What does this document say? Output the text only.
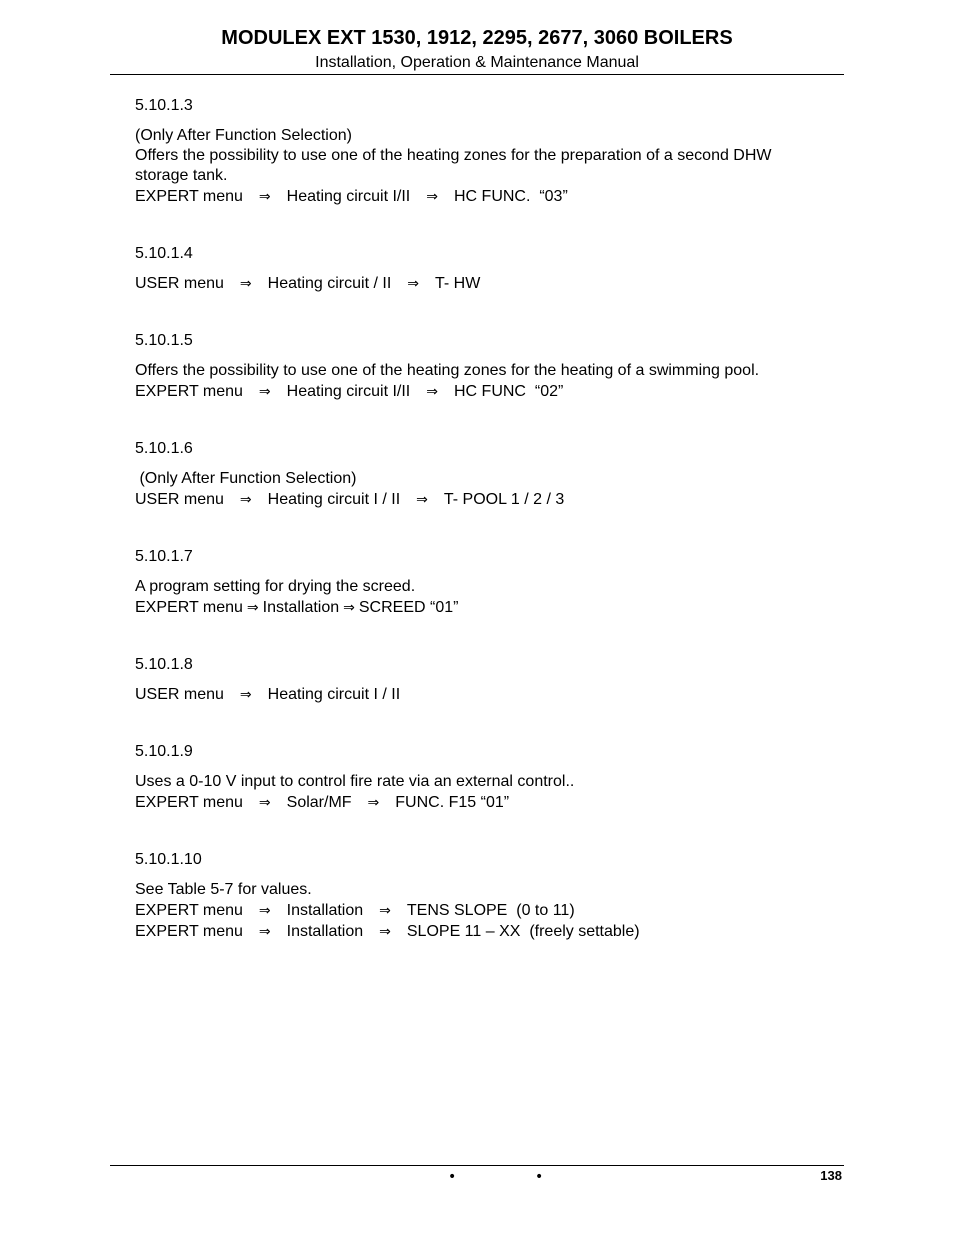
MODULEX EXT 1530, 1912, 2295, 2677, 3060 BOILERS
Installation, Operation & Maintenance Manual
5.10.1.3
(Only After Function Selection)
Offers the possibility to use one of the heating zones for the preparation of a second DHW storage tank.
EXPERT menu ⇒ Heating circuit I/II ⇒ HC FUNC.  “03”
5.10.1.4
USER menu ⇒ Heating circuit / II ⇒ T- HW
5.10.1.5
Offers the possibility to use one of the heating zones for the heating of a swimming pool.
EXPERT menu ⇒ Heating circuit I/II ⇒ HC FUNC  “02”
5.10.1.6
(Only After Function Selection)
USER menu ⇒ Heating circuit I / II ⇒ T- POOL 1 / 2 / 3
5.10.1.7
A program setting for drying the screed.
EXPERT menu ⇒ Installation ⇒ SCREED “01”
5.10.1.8
USER menu ⇒ Heating circuit I / II
5.10.1.9
Uses a 0-10 V input to control fire rate via an external control..
EXPERT menu ⇒ Solar/MF ⇒ FUNC. F15 “01”
5.10.1.10
See Table 5-7 for values.
EXPERT menu ⇒ Installation ⇒ TENS SLOPE  (0 to 11)
EXPERT menu ⇒ Installation ⇒ SLOPE 11 – XX  (freely settable)
•	•	138
